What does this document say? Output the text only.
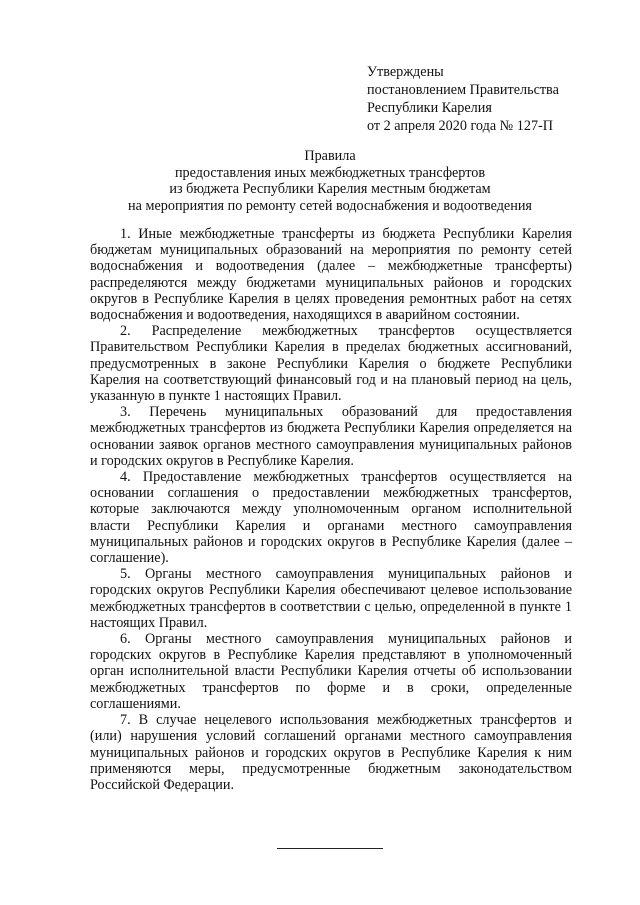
Утверждены
постановлением Правительства
Республики Карелия
от 2 апреля 2020 года № 127-П
Правила
предоставления иных межбюджетных трансфертов
из бюджета Республики Карелия местным бюджетам
на мероприятия по ремонту сетей водоснабжения и водоотведения

1. Иные межбюджетные трансферты из бюджета Республики Карелия бюджетам муниципальных образований на мероприятия по ремонту сетей водоснабжения и водоотведения (далее – межбюджетные трансферты) распределяются между бюджетами муниципальных районов и городских округов в Республике Карелия в целях проведения ремонтных работ на сетях водоснабжения и водоотведения, находящихся в аварийном состоянии.

2. Распределение межбюджетных трансфертов осуществляется Правительством Республики Карелия в пределах бюджетных ассигнований, предусмотренных в законе Республики Карелия о бюджете Республики Карелия на соответствующий финансовый год и на плановый период на цель, указанную в пункте 1 настоящих Правил.

3. Перечень муниципальных образований для предоставления межбюджетных трансфертов из бюджета Республики Карелия определяется на основании заявок органов местного самоуправления муниципальных районов и городских округов в Республике Карелия.

4. Предоставление межбюджетных трансфертов осуществляется на основании соглашения о предоставлении межбюджетных трансфертов, которые заключаются между уполномоченным органом исполнительной власти Республики Карелия и органами местного самоуправления муниципальных районов и городских округов в Республике Карелия (далее – соглашение).

5. Органы местного самоуправления муниципальных районов и городских округов Республики Карелия обеспечивают целевое использование межбюджетных трансфертов в соответствии с целью, определенной в пункте 1 настоящих Правил.

6. Органы местного самоуправления муниципальных районов и городских округов в Республике Карелия представляют в уполномоченный орган исполнительной власти Республики Карелия отчеты об использовании межбюджетных трансфертов по форме и в сроки, определенные соглашениями.

7. В случае нецелевого использования межбюджетных трансфертов и (или) нарушения условий соглашений органами местного самоуправления муниципальных районов и городских округов в Республике Карелия к ним применяются меры, предусмотренные бюджетным законодательством Российской Федерации.
